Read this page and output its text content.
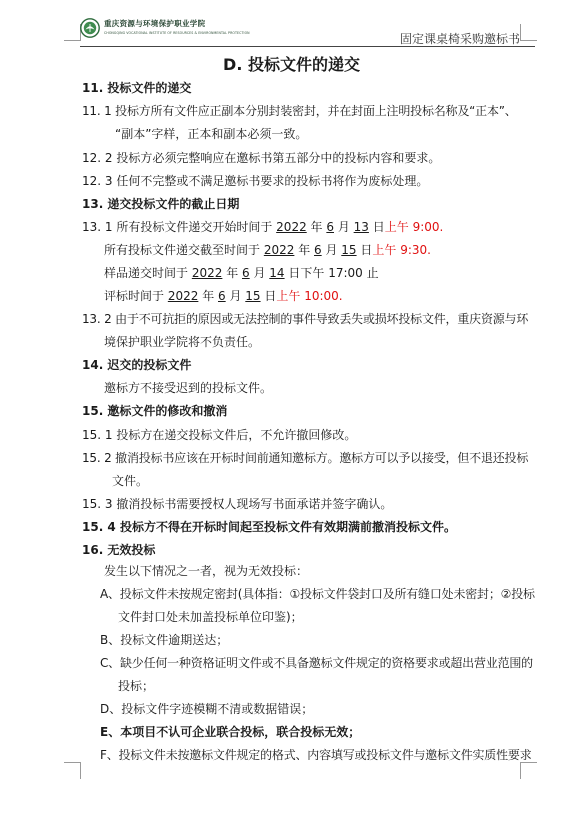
重庆资源与环境保护职业学院
CHONGQING VOCATIONAL INSTITUTE OF RESOURCES & ENVIRONMENTAL PROTECTION	固定课桌椅采购邀标书
D. 投标文件的递交
11. 投标文件的递交
11. 1 投标方所有文件应正副本分别封装密封，并在封面上注明投标名称及“正本”、
“副本”字样，正本和副本必须一致。
12. 2 投标方必须完整响应在邀标书第五部分中的投标内容和要求。
12. 3 任何不完整或不满足邀标书要求的投标书将作为废标处理。
13. 递交投标文件的截止日期
13. 1 所有投标文件递交开始时间于 2022 年 6 月 13 日上午 9:00.
所有投标文件递交截至时间于 2022 年 6 月 15 日上午 9:30.
样品递交时间于 2022 年 6 月 14 日下午 17:00 止
评标时间于 2022 年 6 月 15 日上午 10:00.
13. 2 由于不可抗拒的原因或无法控制的事件导致丢失或损坏投标文件，重庆资源与环
境保护职业学院将不负责任。
14. 迟交的投标文件
邀标方不接受迟到的投标文件。
15. 邀标文件的修改和撤消
15. 1 投标方在递交投标文件后，不允许撤回修改。
15. 2 撤消投标书应该在开标时间前通知邀标方。邀标方可以予以接受，但不退还投标
文件。
15. 3 撤消投标书需要授权人现场写书面承诺并签字确认。
15. 4 投标方不得在开标时间起至投标文件有效期满前撤消投标文件。
16. 无效投标
发生以下情况之一者，视为无效投标：
A、投标文件未按规定密封(具体指：①投标文件袋封口及所有缝口处未密封；②投标
文件封口处未加盖投标单位印鉴)；
B、投标文件逾期送达；
C、缺少任何一种资格证明文件或不具备邀标文件规定的资格要求或超出营业范围的
投标；
D、投标文件字迹模糊不清或数据错误；
E、本项目不认可企业联合投标，联合投标无效；
F、投标文件未按邀标文件规定的格式、内容填写或投标文件与邀标文件实质性要求
